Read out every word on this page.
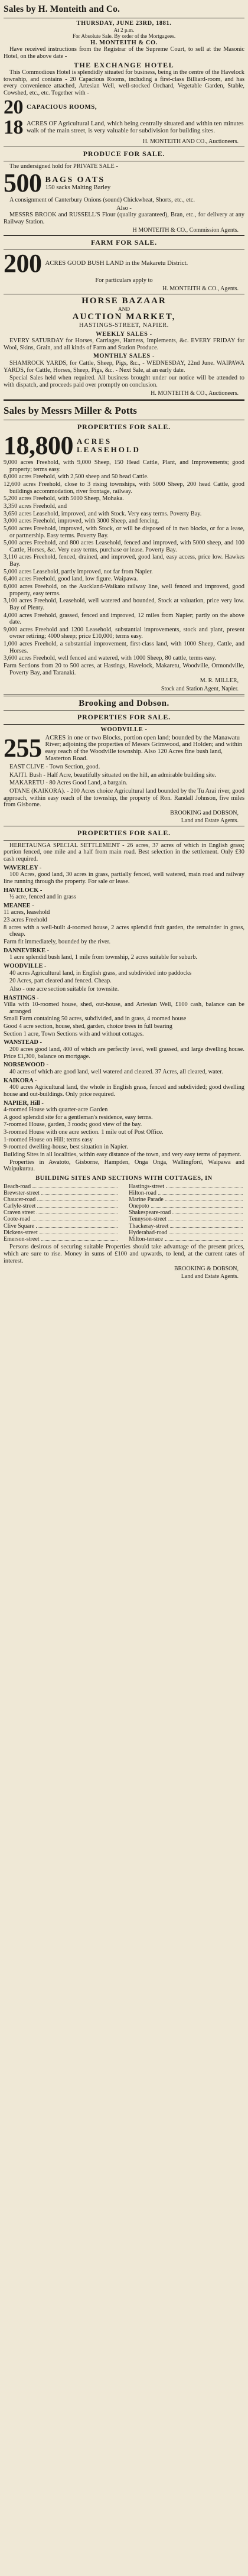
Sales by H. Monteith and Co.
THURSDAY, JUNE 23RD, 1881.
At 2 p.m.
For Absolute Sale. By order of the Mortgagees.
H. MONTEITH & CO.

Have received instructions from the Registrar of the Supreme Court, to sell at the Masonic Hotel, on the above date -

THE EXCHANGE HOTEL

This Commodious Hotel is splendidly situated for business, being in the centre of the Havelock township, and contains - 20 Capacious Rooms, including a first-class Billiard-room, and has every convenience attached, Artesian Well, well-stocked Orchard, Vegetable Garden, Stable, Cowshed, etc., etc. Together with -

20 CAPACIOUS ROOMS,
18 ACRES OF Agricultural Land, which being centrally situated and within ten minutes walk of the main street, is very valuable for subdivision for building sites.
H. MONTEITH AND CO., Auctioneers.
PRODUCE FOR SALE.

The undersigned hold for PRIVATE SALE -

500 BAGS OATS
150 sacks Malting Barley

A consignment of Canterbury Onions (sound) Chickwheat, Shorts, etc., etc.

Also -

MESSRS BROOK and RUSSELL'S Flour (quality guaranteed), Bran, etc., for delivery at any Railway Station.

H MONTEITH & CO., Commission Agents.
FARM FOR SALE.
200 ACRES GOOD BUSH LAND in the Makaretu District.
For particulars apply to
H. MONTEITH & CO., Agents.
HORSE BAZAAR
AND
AUCTION MARKET,
HASTINGS-STREET, NAPIER.
WEEKLY SALES -

EVERY SATURDAY for Horses, Carriages, Harness, Implements, &c. EVERY FRIDAY for Wool, Skins, Grain, and all kinds of Farm and Station Produce.

MONTHLY SALES -

SHAMROCK YARDS, for Cattle, Sheep, Pigs, &c., - WEDNESDAY, 22nd June. WAIPAWA YARDS, for Cattle, Horses, Sheep, Pigs, &c. - Next Sale, at an early date.

Special Sales held when required. All business brought under our notice will be attended to with dispatch, and proceeds paid over promptly on conclusion.

H. MONTEITH & CO., Auctioneers.
Sales by Messrs Miller & Potts
PROPERTIES FOR SALE.
18,800 ACRES
LEASEHOLD
9,000 acres Freehold, with 9,000 Sheep, 150 Head Cattle, Plant, and Improvements; good property; terms easy.
6,000 acres Freehold, with 2,500 sheep and 50 head Cattle.
12,600 acres Freehold, close to 3 rising townships, with 5000 Sheep, 200 head Cattle, good buildings accommodation, river frontage, railway.
5,200 acres Freehold, with 5000 Sheep, Mohaka.
3,350 acres Freehold, and
3,650 acres Leasehold, improved, and with Stock. Very easy terms. Poverty Bay.
3,000 acres Freehold, improved, with 3000 Sheep, and fencing.
5,600 acres Freehold, improved, with Stock, or will be disposed of in two blocks, or for a lease, or partnership. Easy terms. Poverty Bay.
5,000 acres Freehold, and 800 acres Leasehold, fenced and improved, with 5000 sheep, and 100 Cattle, Horses, &c. Very easy terms, purchase or lease. Poverty Bay.
3,110 acres Freehold, fenced, drained, and improved, good land, easy access, price low. Hawkes Bay.
5,000 acres Leasehold, partly improved, not far from Napier.
6,400 acres Freehold, good land, low figure. Waipawa.
6,000 acres Freehold, on the Auckland-Waikato railway line, well fenced and improved, good property, easy terms.
3,100 acres Freehold, Leasehold, well watered and bounded, Stock at valuation, price very low. Bay of Plenty.
4,000 acres Freehold, grassed, fenced and improved, 12 miles from Napier; partly on the above date.
9,000 acres Freehold and 1200 Leasehold, substantial improvements, stock and plant, present owner retiring; 4000 sheep; price £10,000; terms easy.
1,000 acres Freehold, a substantial improvement, first-class land, with 1000 Sheep, Cattle, and Horses.
3,600 acres Freehold, well fenced and watered, with 1000 Sheep, 80 cattle, terms easy.
Farm Sections from 20 to 500 acres, at Hastings, Havelock, Makaretu, Woodville, Ormondville, Poverty Bay, and Taranaki.
M. R. MILLER,
Stock and Station Agent, Napier.
Brooking and Dobson.
PROPERTIES FOR SALE.
WOODVILLE -
255 ACRES in one or two Blocks, portion open land; bounded by the Manawatu River; adjoining the properties of Messrs Grimwood, and Holden; and within easy reach of the Woodville township. Also 120 Acres fine bush land, Masterton Road.

EAST CLIVE - Town Section, good.

KAITI. Bush - Half Acre, beautifully situated on the hill, an admirable building site.

MAKARETU - 80 Acres Good Land, a bargain.

OTANE (KAIKORA). - 200 Acres choice Agricultural land bounded by the Tu Arai river, good approach, within easy reach of the township, the property of Ron. Randall Johnson, five miles from Gisborne.

BROOKING and DOBSON,
Land and Estate Agents.
PROPERTIES FOR SALE.

HERETAUNGA SPECIAL SETTLEMENT - 26 acres, 37 acres of which in English grass; portion fenced, one mile and a half from main road. Best selection in the settlement. Only £30 cash required.

WAVERLEY -

100 Acres, good land, 30 acres in grass, partially fenced, well watered, main road and railway line running through the property. For sale or lease.

HAVELOCK -

½ acre, fenced and in grass

MEANEE -
11 acres, leasehold
23 acres Freehold
8 acres with a well-built 4-roomed house, 2 acres splendid fruit garden, the remainder in grass, cheap.
Farm fit immediately, bounded by the river.
DANNEVIRKE -

1 acre splendid bush land, 1 mile from township, 2 acres suitable for suburb.

WOODVILLE -

40 acres Agricultural land, in English grass, and subdivided into paddocks

20 Acres, part cleared and fenced. Cheap.

Also - one acre section suitable for townsite.

HASTINGS -
Villa with 10-roomed house, shed, out-house, and Artesian Well, £100 cash, balance can be arranged
Small Farm containing 50 acres, subdivided, and in grass, 4 roomed house
Good 4 acre section, house, shed, garden, choice trees in full bearing
Section 1 acre, Town Sections with and without cottages.
WANSTEAD -

200 acres good land, 400 of which are perfectly level, well grassed, and large dwelling house. Price £1,300, balance on mortgage.

NORSEWOOD -

40 acres of which are good land, well watered and cleared. 37 Acres, all cleared, water.

KAIKORA -

400 acres Agricultural land, the whole in English grass, fenced and subdivided; good dwelling house and out-buildings. Only price required.

NAPIER, Hill -
4-roomed House with quarter-acre Garden
A good splendid site for a gentleman's residence, easy terms.
7-roomed House, garden, 3 roods; good view of the bay.
3-roomed House with one acre section. 1 mile out of Post Office.
1-roomed House on Hill; terms easy
9-roomed dwelling-house, best situation in Napier.
Building Sites in all localities, within easy distance of the town, and very easy terms of payment.

Properties in Awatoto, Gisborne, Hampden, Onga Onga, Wallingford, Waipawa and Waipukurau.

BUILDING SITES AND SECTIONS WITH COTTAGES, IN
Beach-road
Brewster-street
Chaucer-road
Carlyle-street
Craven street
Coote-road
Clive Square
Dickens-street
Emerson-street
Hastings-street
Hilton-road
Marine Parade
Onepoto
Shakespeare-road
Tennyson-street
Thackeray-street
Hyderabad-road
Milton-terrace

Persons desirous of securing suitable Properties should take advantage of the present prices, which are sure to rise. Money in sums of £100 and upwards, to lend, at the current rates of interest.

BROOKING & DOBSON,
Land and Estate Agents.
